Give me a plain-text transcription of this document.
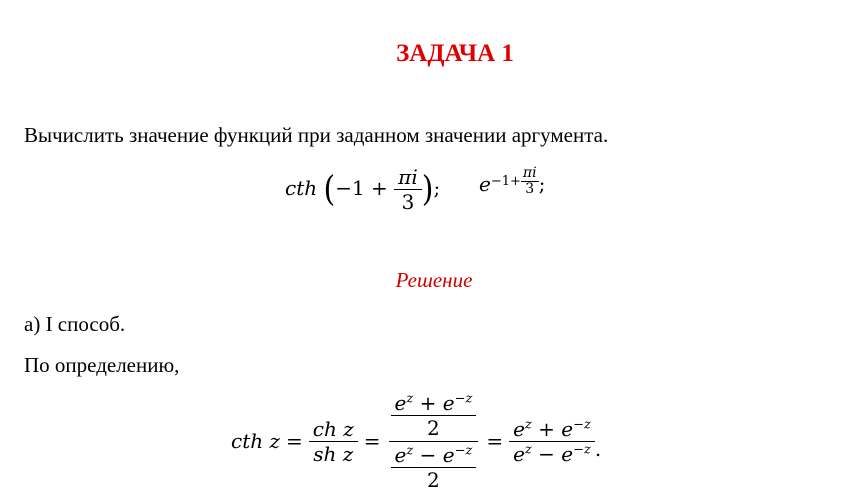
ЗАДАЧА 1
Вычислить значение функций при заданном значении аргумента.
cth ($-1 + \frac{\pi i}{3}$ ); $e -1+ \frac{\pi i}{3}$ ;
Решение
а) I способ.
По определению,
cth $z = \frac{\text{ch z}}{\text{sh z}} = \frac{\frac{e^z + e^{-z}}{2}}{\frac{e^z - e^{-z}}{2}} = \frac{e^z + e^{-z}}{e^z - e^{-z}}$ .
